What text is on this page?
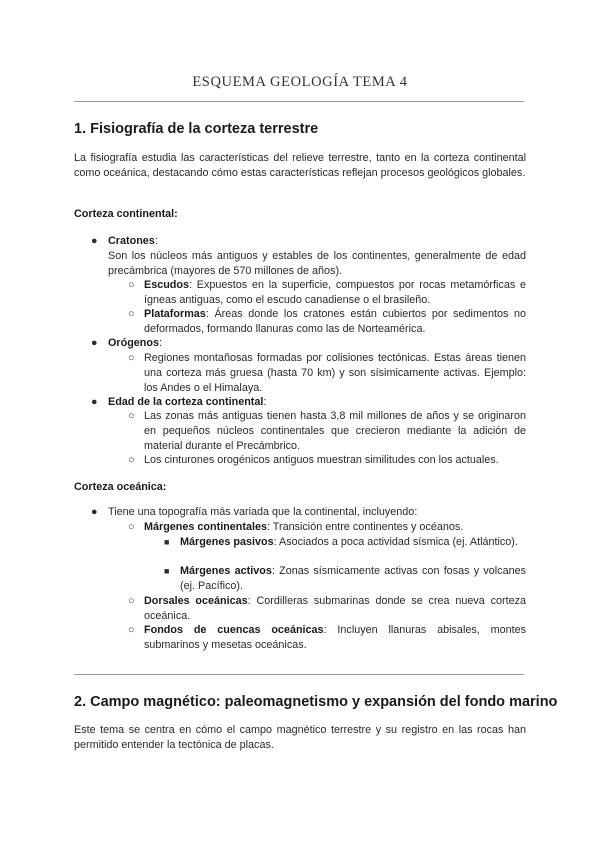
ESQUEMA GEOLOGÍA TEMA 4
1. Fisiografía de la corteza terrestre
La fisiografía estudia las características del relieve terrestre, tanto en la corteza continental como oceánica, destacando cómo estas características reflejan procesos geológicos globales.
Corteza continental:
● Cratones:
Son los núcleos más antiguos y estables de los continentes, generalmente de edad precámbrica (mayores de 570 millones de años).
○ Escudos: Expuestos en la superficie, compuestos por rocas metamórficas e ígneas antiguas, como el escudo canadiense o el brasileño.
○ Plataformas: Áreas donde los cratones están cubiertos por sedimentos no deformados, formando llanuras como las de Norteamérica.
● Orógenos:
○ Regiones montañosas formadas por colisiones tectónicas. Estas áreas tienen una corteza más gruesa (hasta 70 km) y son sísimicamente activas. Ejemplo: los Andes o el Himalaya.
● Edad de la corteza continental:
○ Las zonas más antiguas tienen hasta 3,8 mil millones de años y se originaron en pequeños núcleos continentales que crecieron mediante la adición de material durante el Precámbrico.
○ Los cinturones orogénicos antiguos muestran similitudes con los actuales.
Corteza oceánica:
● Tiene una topografía más variada que la continental, incluyendo:
○ Márgenes continentales: Transición entre continentes y océanos.
■ Márgenes pasivos: Asociados a poca actividad sísmica (ej. Atlántico).
■ Márgenes activos: Zonas sísmicamente activas con fosas y volcanes (ej. Pacífico).
○ Dorsales oceánicas: Cordilleras submarinas donde se crea nueva corteza oceánica.
○ Fondos de cuencas oceánicas: Incluyen llanuras abisales, montes submarinos y mesetas oceánicas.
2. Campo magnético: paleomagnetismo y expansión del fondo marino
Este tema se centra en cómo el campo magnético terrestre y su registro en las rocas han permitido entender la tectónica de placas.
